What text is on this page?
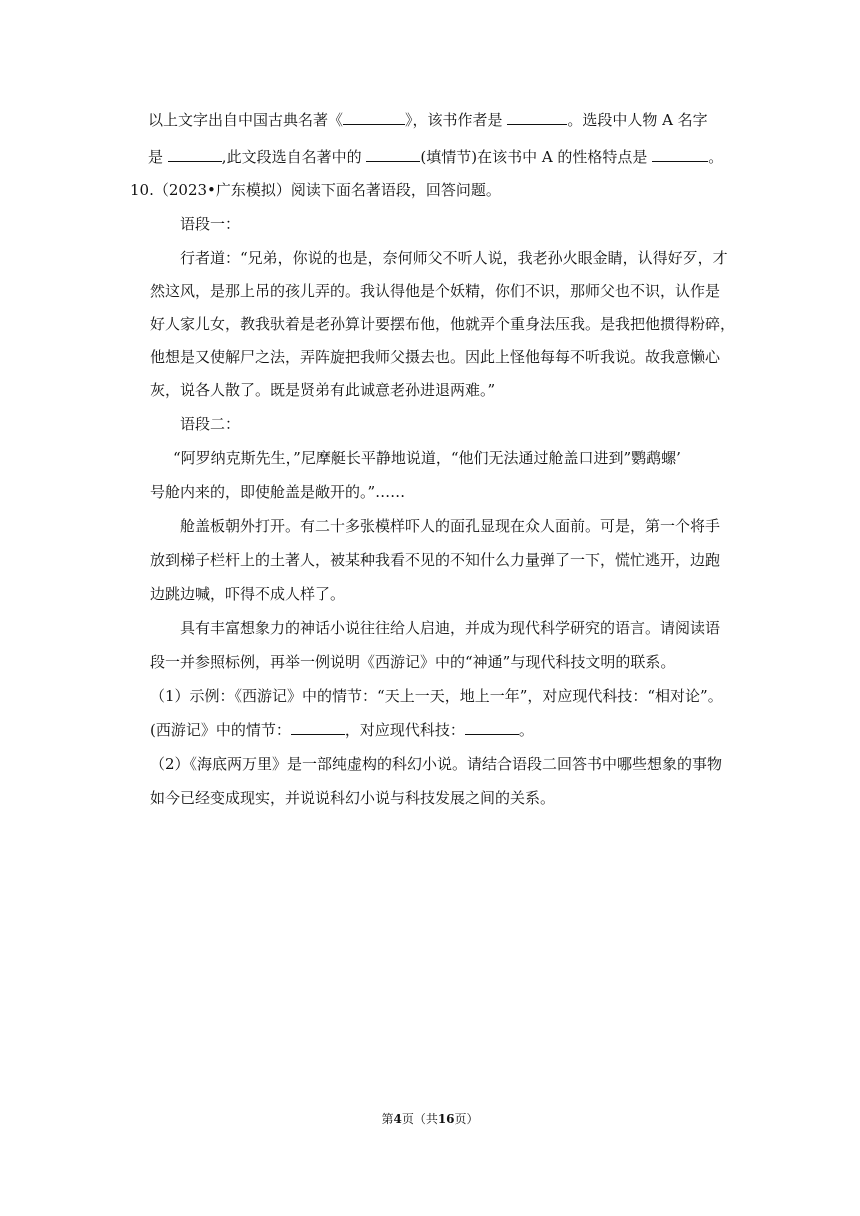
以上文字出自中国古典名著《	》，该书作者是	。选段中人物 A 名字
是	,此文段选自名著中的	(填情节)在该书中 A 的性格特点是	。
10.（2023•广东模拟）阅读下面名著语段，回答问题。
语段一：
行者道：“兄弟，你说的也是，奈何师父不听人说，我老孙火眼金睛，认得好歹，才
然这风，是那上吊的孩儿弄的。我认得他是个妖精，你们不识，那师父也不识，认作是
好人家儿女，教我驮着是老孙算计要摆布他，他就弄个重身法压我。是我把他掼得粉碎，
他想是又使解尸之法，弄阵旋把我师父摄去也。因此上怪他每每不听我说。故我意懒心
灰，说各人散了。既是贤弟有此诚意老孙进退两难。”
语段二：
“阿罗纳克斯先生，”尼摩艇长平静地说道，“他们无法通过舱盖口进到”鹦鹉螺’
号舱内来的，即使舱盖是敞开的。”……
舱盖板朝外打开。有二十多张模样吓人的面孔显现在众人面前。可是，第一个将手
放到梯子栏杆上的土著人，被某种我看不见的不知什么力量弹了一下，慌忙逃开，边跑
边跳边喊，吓得不成人样了。
具有丰富想象力的神话小说往往给人启迪，并成为现代科学研究的语言。请阅读语
段一并参照标例，再举一例说明《西游记》中的“神通”与现代科技文明的联系。
（1）示例：《西游记》中的情节：“天上一天，地上一年”，对应现代科技：“相对论”。
(西游记》中的情节：	，对应现代科技：	。
（2）《海底两万里》是一部纯虚构的科幻小说。请结合语段二回答书中哪些想象的事物
如今已经变成现实，并说说科幻小说与科技发展之间的关系。
第4页（共16页）
